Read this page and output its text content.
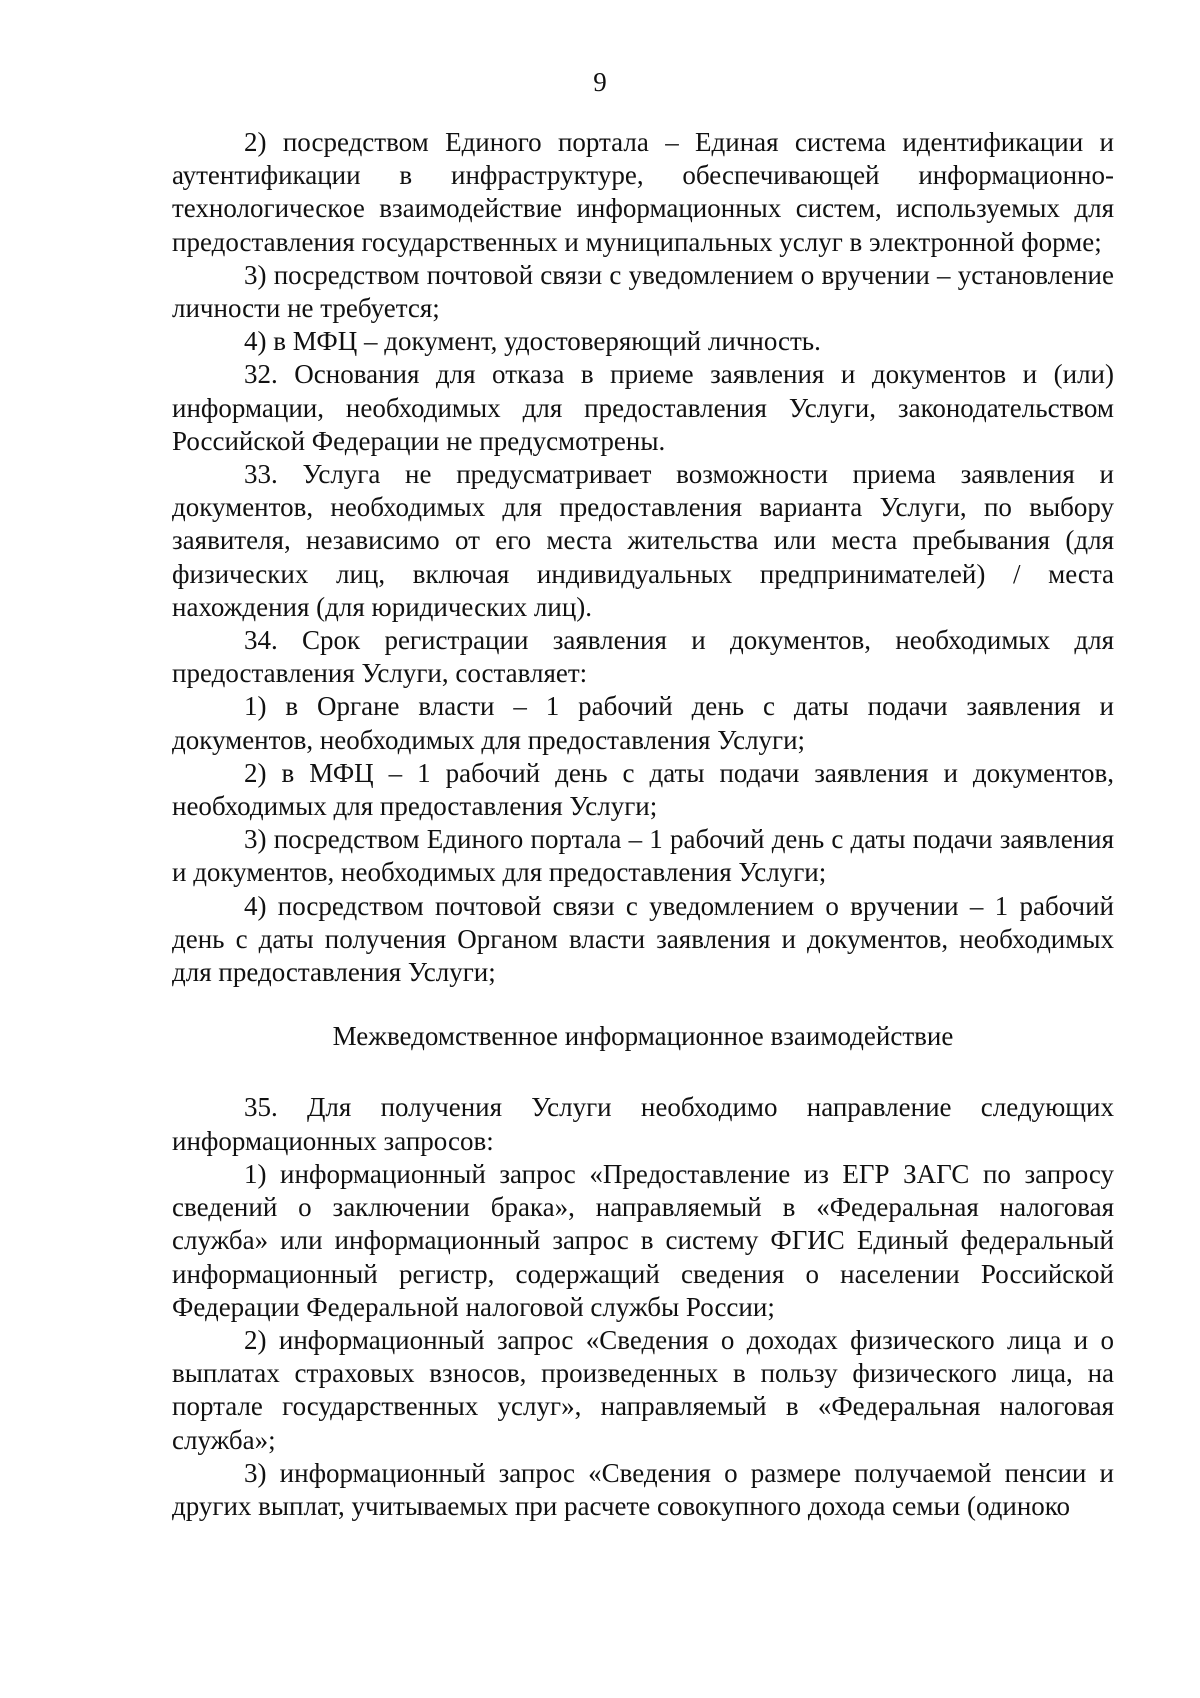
9

2) посредством Единого портала – Единая система идентификации и аутентификации в инфраструктуре, обеспечивающей информационно-технологическое взаимодействие информационных систем, используемых для предоставления государственных и муниципальных услуг в электронной форме;

3) посредством почтовой связи с уведомлением о вручении – установление личности не требуется;

4) в МФЦ – документ, удостоверяющий личность.

32. Основания для отказа в приеме заявления и документов и (или) информации, необходимых для предоставления Услуги, законодательством Российской Федерации не предусмотрены.

33. Услуга не предусматривает возможности приема заявления и документов, необходимых для предоставления варианта Услуги, по выбору заявителя, независимо от его места жительства или места пребывания (для физических лиц, включая индивидуальных предпринимателей) / места нахождения (для юридических лиц).

34. Срок регистрации заявления и документов, необходимых для предоставления Услуги, составляет:

1) в Органе власти – 1 рабочий день с даты подачи заявления и документов, необходимых для предоставления Услуги;

2) в МФЦ – 1 рабочий день с даты подачи заявления и документов, необходимых для предоставления Услуги;

3) посредством Единого портала – 1 рабочий день с даты подачи заявления и документов, необходимых для предоставления Услуги;

4) посредством почтовой связи с уведомлением о вручении – 1 рабочий день с даты получения Органом власти заявления и документов, необходимых для предоставления Услуги;

Межведомственное информационное взаимодействие

35. Для получения Услуги необходимо направление следующих информационных запросов:

1) информационный запрос «Предоставление из ЕГР ЗАГС по запросу сведений о заключении брака», направляемый в «Федеральная налоговая служба» или информационный запрос в систему ФГИС Единый федеральный информационный регистр, содержащий сведения о населении Российской Федерации Федеральной налоговой службы России;

2) информационный запрос «Сведения о доходах физического лица и о выплатах страховых взносов, произведенных в пользу физического лица, на портале государственных услуг», направляемый в «Федеральная налоговая служба»;

3) информационный запрос «Сведения о размере получаемой пенсии и других выплат, учитываемых при расчете совокупного дохода семьи (одиноко
